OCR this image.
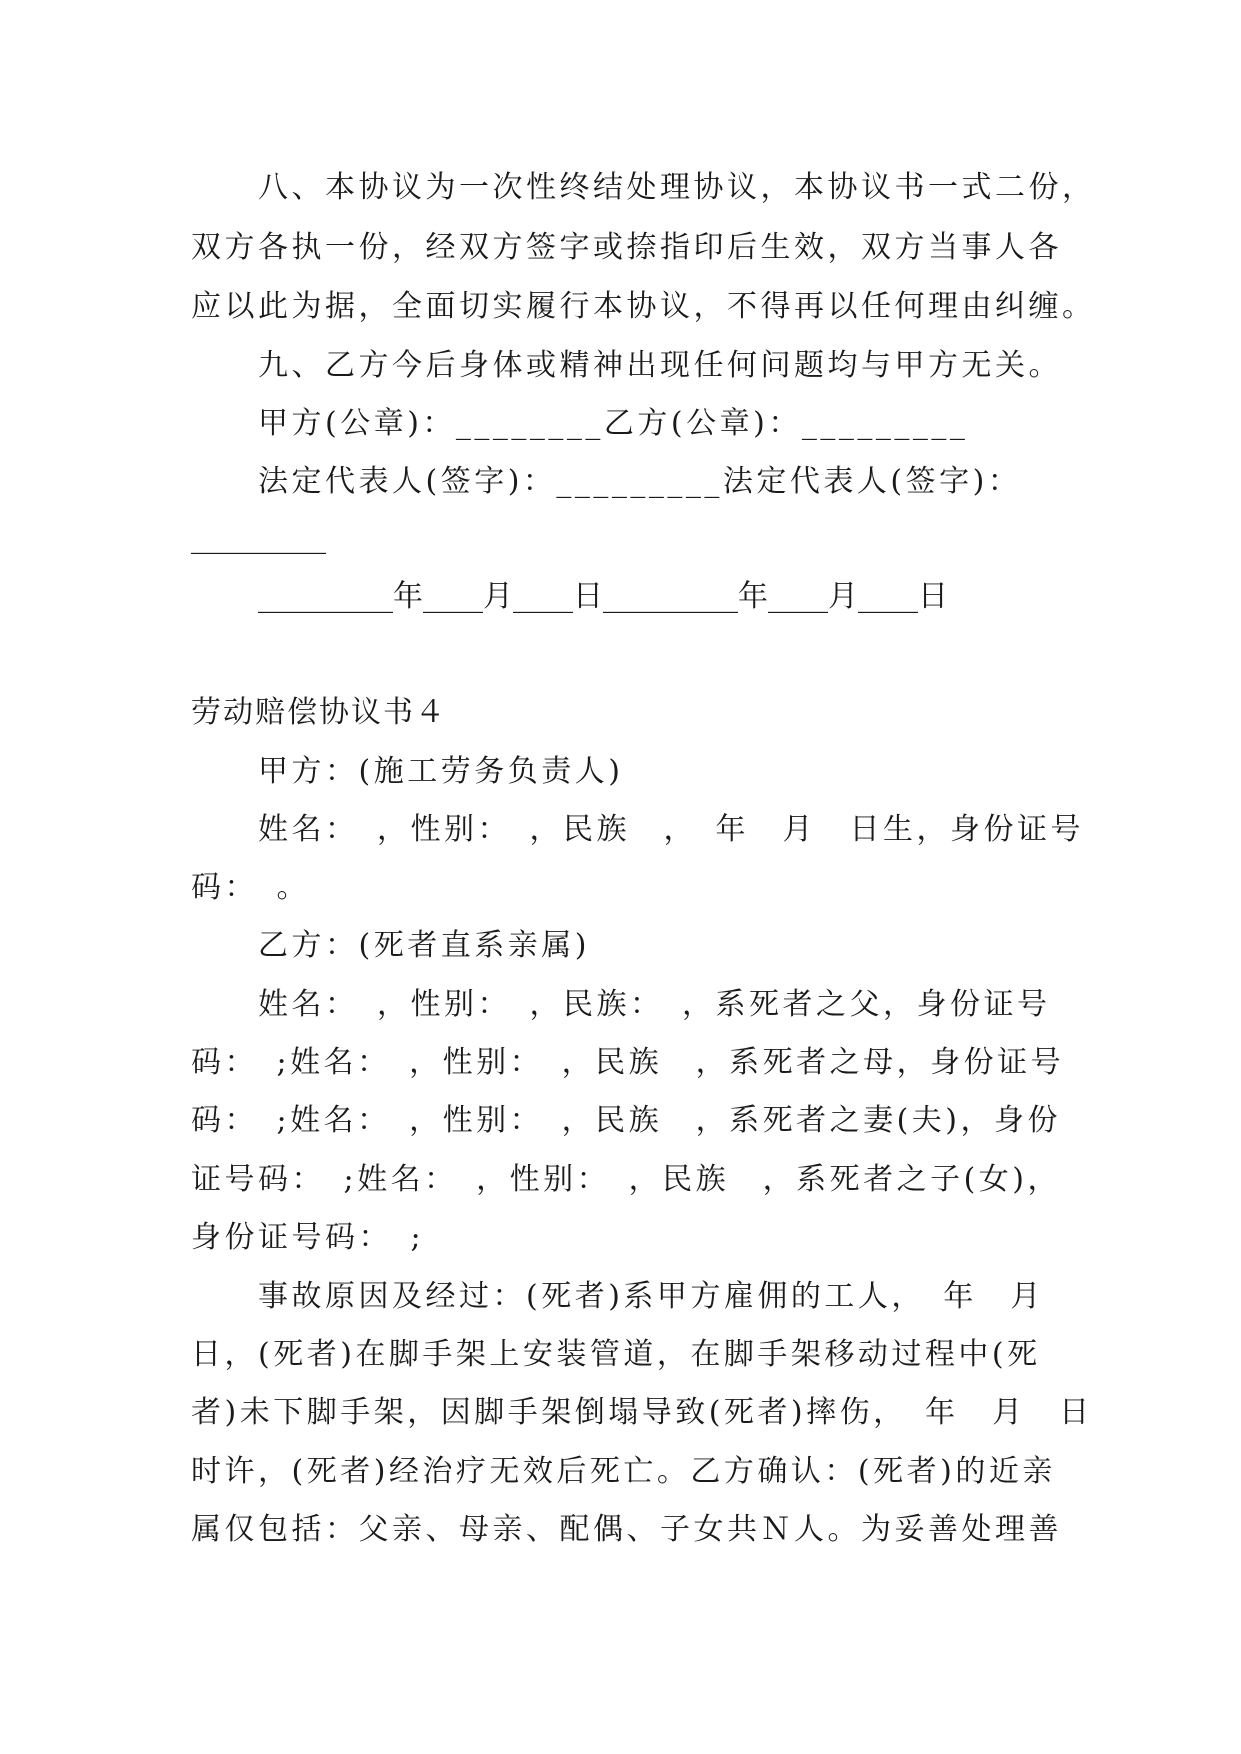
八、本协议为一次性终结处理协议，本协议书一式二份，
双方各执一份，经双方签字或捺指印后生效，双方当事人各
应以此为据，全面切实履行本协议，不得再以任何理由纠缠。
九、乙方今后身体或精神出现任何问题均与甲方无关。
甲方(公章)：________乙方(公章)：_________
法定代表人(签字)：_________法定代表人(签字)：
_________
_________年____月____日_________年____月____日
劳动赔偿协议书４
甲方：(施工劳务负责人)
姓名：　，性别：　，民族　，　年　月　日生，身份证号
码：　。
乙方：(死者直系亲属)
姓名：　，性别：　，民族：　，系死者之父，身份证号
码：　;姓名：　，性别：　，民族　，系死者之母，身份证号
码：　;姓名：　，性别：　，民族　，系死者之妻(夫)，身份
证号码：　;姓名：　，性别：　，民族　，系死者之子(女)，
身份证号码：　;
事故原因及经过：(死者)系甲方雇佣的工人，　年　月
日，(死者)在脚手架上安装管道，在脚手架移动过程中(死
者)未下脚手架，因脚手架倒塌导致(死者)摔伤，　年　月　日
时许，(死者)经治疗无效后死亡。乙方确认：(死者)的近亲
属仅包括：父亲、母亲、配偶、子女共Ｎ人。为妥善处理善
